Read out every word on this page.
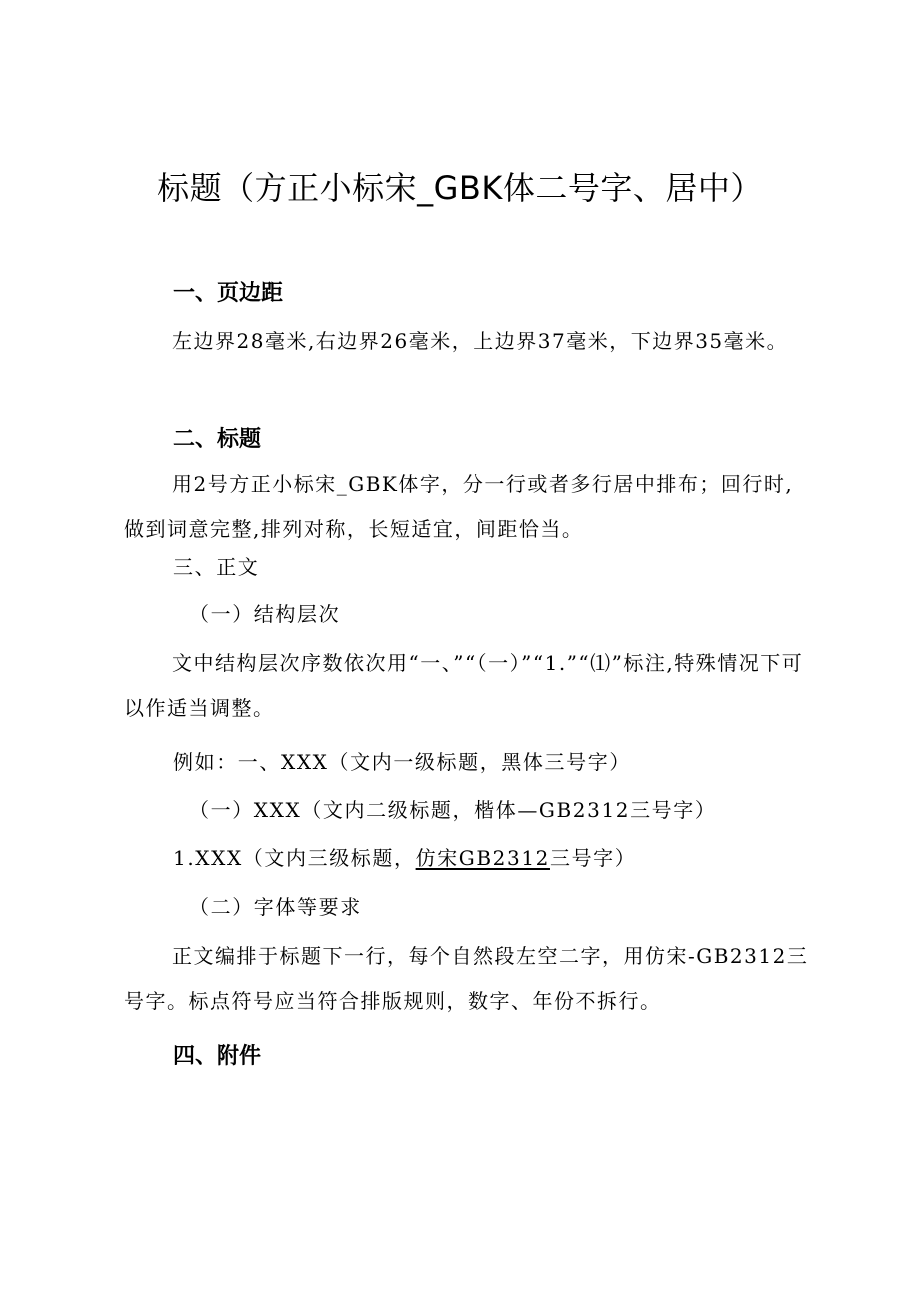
标题（方正小标宋_GBK体二号字、居中）
一、页边距
左边界28毫米,右边界26毫米，上边界37毫米，下边界35毫米。
二、标题
用2号方正小标宋_GBK体字，分一行或者多行居中排布；回行时,做到词意完整,排列对称，长短适宜，间距恰当。
三、正文
（一）结构层次
文中结构层次序数依次用“一、”“（一）”“1.”“⑴”标注,特殊情况下可以作适当调整。
例如：一、XXX（文内一级标题，黑体三号字）
（一）XXX（文内二级标题，楷体—GB2312三号字）
1.XXX（文内三级标题，仿宋GB2312三号字）
（二）字体等要求
正文编排于标题下一行，每个自然段左空二字，用仿宋-GB2312三号字。标点符号应当符合排版规则，数字、年份不拆行。
四、附件
